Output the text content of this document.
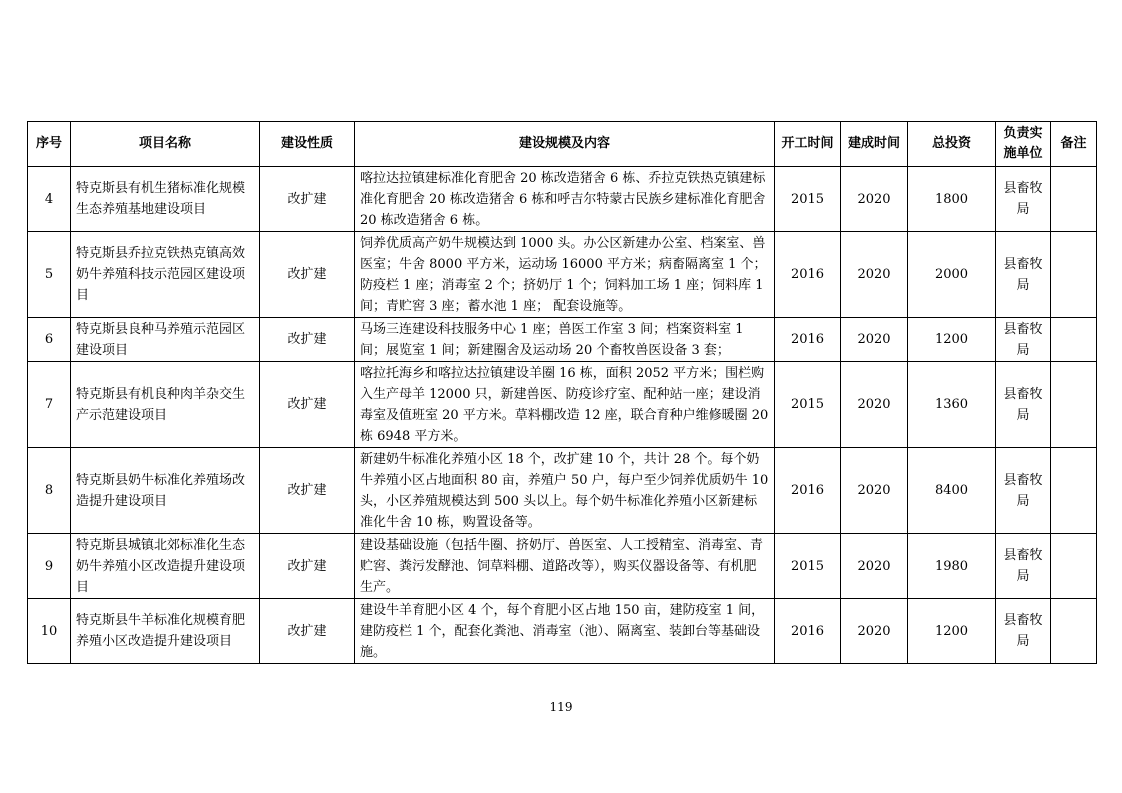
序号	项目名称	建设性质	建设规模及内容	开工时间	建成时间	总投资	负责实施单位	备注
4	特克斯县有机生猪标准化规模生态养殖基地建设项目	改扩建	喀拉达拉镇建标准化育肥舍 20 栋改造猪舍 6 栋、乔拉克铁热克镇建标准化育肥舍 20 栋改造猪舍 6 栋和呼吉尔特蒙古民族乡建标准化育肥舍 20 栋改造猪舍 6 栋。	2015	2020	1800	县畜牧局	
5	特克斯县乔拉克铁热克镇高效奶牛养殖科技示范园区建设项目	改扩建	饲养优质高产奶牛规模达到 1000 头。办公区新建办公室、档案室、兽医室；牛舍 8000 平方米，运动场 16000 平方米；病畜隔离室 1 个；防疫栏 1 座；消毒室 2 个；挤奶厅 1 个；饲料加工场 1 座；饲料库 1 间；青贮窖 3 座；蓄水池 1 座； 配套设施等。	2016	2020	2000	县畜牧局	
6	特克斯县良种马养殖示范园区建设项目	改扩建	马场三连建设科技服务中心 1 座；兽医工作室 3 间；档案资料室 1 间；展览室 1 间；新建圈舍及运动场 20 个畜牧兽医设备 3 套；	2016	2020	1200	县畜牧局	
7	特克斯县有机良种肉羊杂交生产示范建设项目	改扩建	喀拉托海乡和喀拉达拉镇建设羊圈 16 栋，面积 2052 平方米；围栏购入生产母羊 12000 只，新建兽医、防疫诊疗室、配种站一座；建设消毒室及值班室 20 平方米。草料棚改造 12 座，联合育种户维修暖圈 20 栋 6948 平方米。	2015	2020	1360	县畜牧局	
8	特克斯县奶牛标准化养殖场改造提升建设项目	改扩建	新建奶牛标准化养殖小区 18 个，改扩建 10 个，共计 28 个。每个奶牛养殖小区占地面积 80 亩，养殖户 50 户，每户至少饲养优质奶牛 10 头，小区养殖规模达到 500 头以上。每个奶牛标准化养殖小区新建标准化牛舍 10 栋，购置设备等。	2016	2020	8400	县畜牧局	
9	特克斯县城镇北郊标准化生态奶牛养殖小区改造提升建设项目	改扩建	建设基础设施（包括牛圈、挤奶厅、兽医室、人工授精室、消毒室、青贮窖、粪污发酵池、饲草料棚、道路改等），购买仪器设备等、有机肥生产。	2015	2020	1980	县畜牧局	
10	特克斯县牛羊标准化规模育肥养殖小区改造提升建设项目	改扩建	建设牛羊育肥小区 4 个，每个育肥小区占地 150 亩，建防疫室 1 间，建防疫栏 1 个，配套化粪池、消毒室（池）、隔离室、装卸台等基础设施。	2016	2020	1200	县畜牧局	
119
